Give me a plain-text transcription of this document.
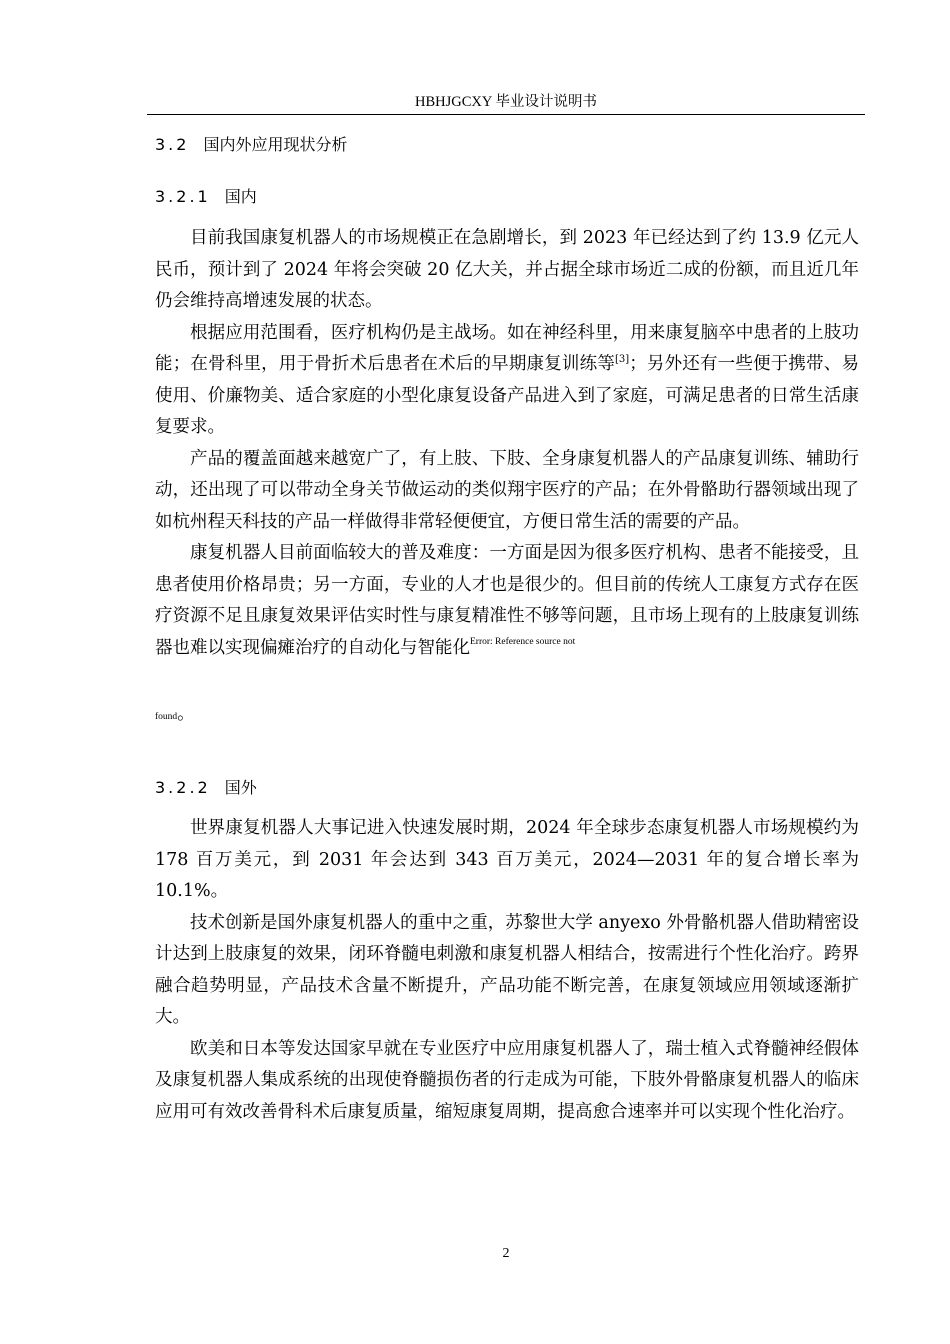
HBHJGCXY 毕业设计说明书
3.2 国内外应用现状分析
3.2.1 国内

目前我国康复机器人的市场规模正在急剧增长，到 2023 年已经达到了约 13.9 亿元人民币，预计到了 2024 年将会突破 20 亿大关，并占据全球市场近二成的份额，而且近几年仍会维持高增速发展的状态。

根据应用范围看，医疗机构仍是主战场。如在神经科里，用来康复脑卒中患者的上肢功能；在骨科里，用于骨折术后患者在术后的早期康复训练等[3]；另外还有一些便于携带、易使用、价廉物美、适合家庭的小型化康复设备产品进入到了家庭，可满足患者的日常生活康复要求。

产品的覆盖面越来越宽广了，有上肢、下肢、全身康复机器人的产品康复训练、辅助行动，还出现了可以带动全身关节做运动的类似翔宇医疗的产品；在外骨骼助行器领域出现了如杭州程天科技的产品一样做得非常轻便便宜，方便日常生活的需要的产品。

康复机器人目前面临较大的普及难度：一方面是因为很多医疗机构、患者不能接受，且患者使用价格昂贵；另一方面，专业的人才也是很少的。但目前的传统人工康复方式存在医疗资源不足且康复效果评估实时性与康复精准性不够等问题，且市场上现有的上肢康复训练器也难以实现偏瘫治疗的自动化与智能化$^{Error: Reference source not}$

found。
3.2.2 国外

世界康复机器人大事记进入快速发展时期，2024 年全球步态康复机器人市场规模约为 178 百万美元，到 2031 年会达到 343 百万美元，2024—2031 年的复合增长率为 10.1%。

技术创新是国外康复机器人的重中之重，苏黎世大学 anyexo 外骨骼机器人借助精密设计达到上肢康复的效果，闭环脊髓电刺激和康复机器人相结合，按需进行个性化治疗。跨界融合趋势明显，产品技术含量不断提升，产品功能不断完善，在康复领域应用领域逐渐扩大。

欧美和日本等发达国家早就在专业医疗中应用康复机器人了，瑞士植入式脊髓神经假体及康复机器人集成系统的出现使脊髓损伤者的行走成为可能，下肢外骨骼康复机器人的临床应用可有效改善骨科术后康复质量，缩短康复周期，提高愈合速率并可以实现个性化治疗。

2
